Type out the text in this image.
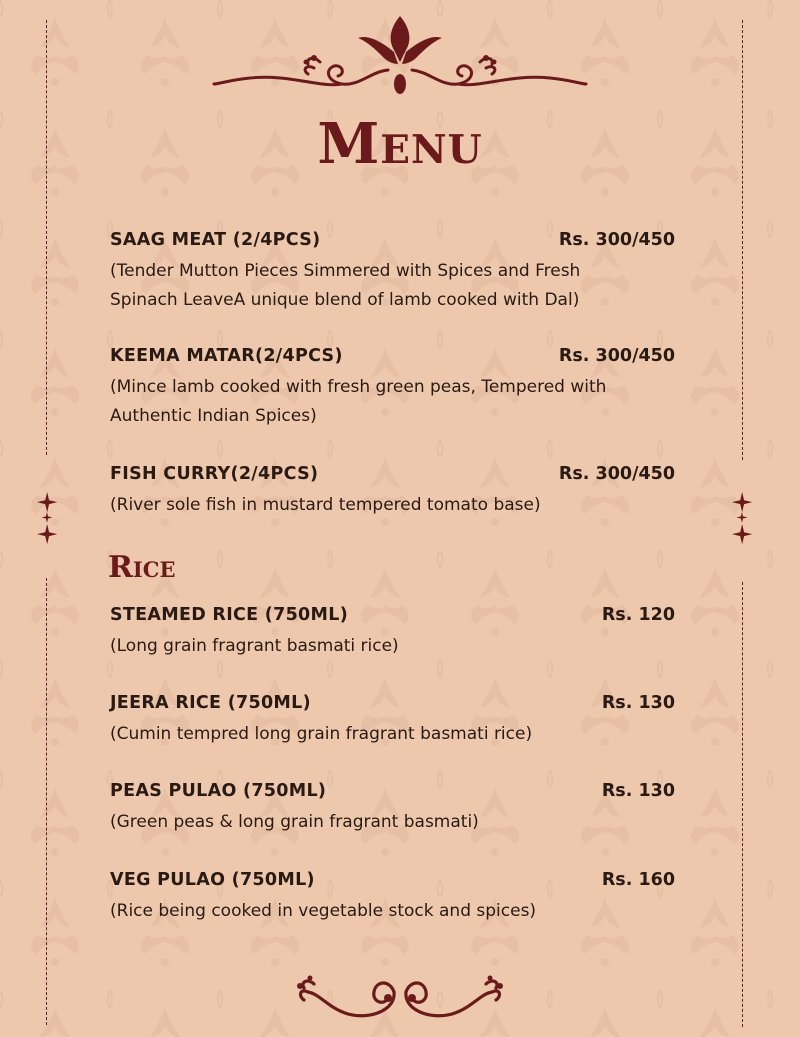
Menu
SAAG MEAT (2/4PCS)	Rs. 300/450
(Tender Mutton Pieces Simmered with Spices and Fresh Spinach LeaveA unique blend of lamb cooked with Dal)
KEEMA MATAR(2/4PCS)	Rs. 300/450
(Mince lamb cooked with fresh green peas, Tempered with Authentic Indian Spices)
FISH CURRY(2/4PCS)	Rs. 300/450
(River sole fish in mustard tempered tomato base)
Rice
STEAMED RICE (750ML)	Rs. 120
(Long grain fragrant basmati rice)
JEERA RICE (750ML)	Rs. 130
(Cumin tempred long grain fragrant basmati rice)
PEAS PULAO (750ML)	Rs. 130
(Green peas & long grain fragrant basmati)
VEG PULAO (750ML)	Rs. 160
(Rice being cooked in vegetable stock and spices)
